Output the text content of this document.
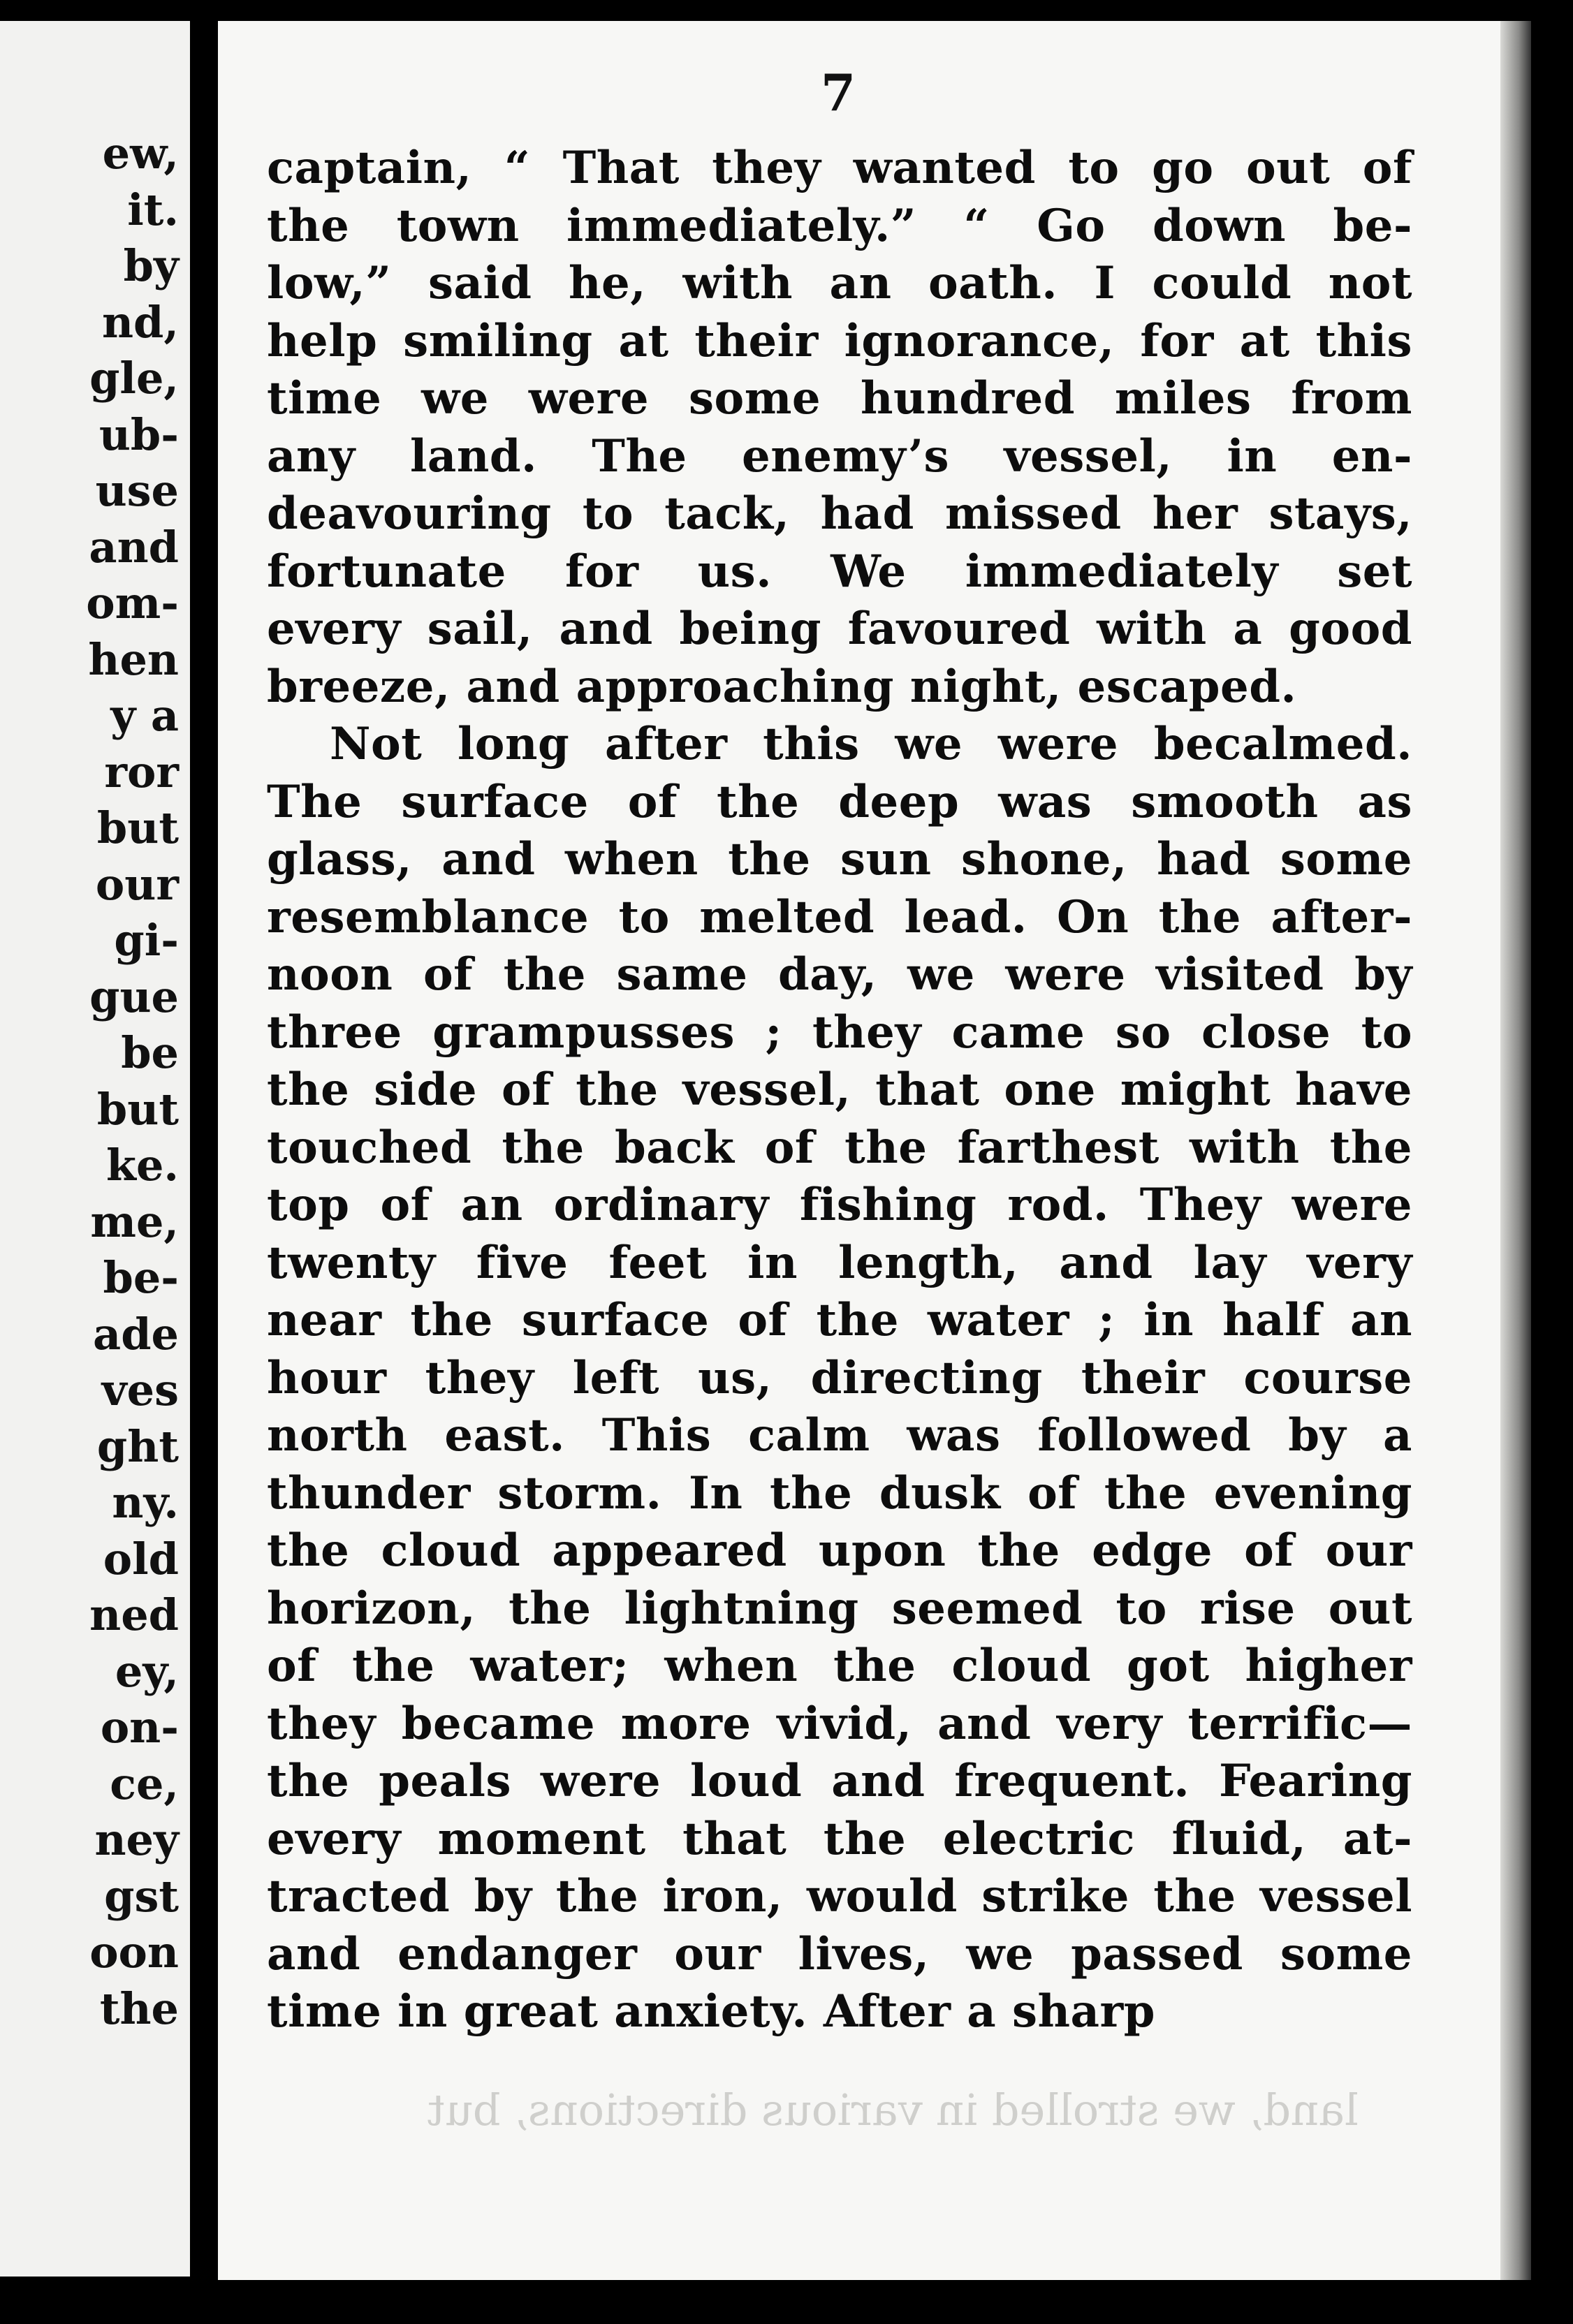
ew,
it.
by
nd,
gle,
ub-
use
and
om-
hen
y a
ror
but
our
gi-
gue
be
but
ke.
me,
be-
ade
ves
ght
ny.
old
ned
ey,
on-
ce,
ney
gst
oon
the
7
captain, “ That they wanted to go out of
the town immediately.” “ Go down be-
low,” said he, with an oath. I could not
help smiling at their ignorance, for at this
time we were some hundred miles from
any land. The enemy’s vessel, in en-
deavouring to tack, had missed her stays,
fortunate for us. We immediately set
every sail, and being favoured with a good
breeze, and approaching night, escaped.
Not long after this we were becalmed.
The surface of the deep was smooth as
glass, and when the sun shone, had some
resemblance to melted lead. On the after-
noon of the same day, we were visited by
three grampusses ; they came so close to
the side of the vessel, that one might have
touched the back of the farthest with the
top of an ordinary fishing rod. They were
twenty five feet in length, and lay very
near the surface of the water ; in half an
hour they left us, directing their course
north east. This calm was followed by a
thunder storm. In the dusk of the evening
the cloud appeared upon the edge of our
horizon, the lightning seemed to rise out
of the water; when the cloud got higher
they became more vivid, and very terrific—
the peals were loud and frequent. Fearing
every moment that the electric fluid, at-
tracted by the iron, would strike the vessel
and endanger our lives, we passed some
time in great anxiety. After a sharp
land, we strolled in various directions, but
